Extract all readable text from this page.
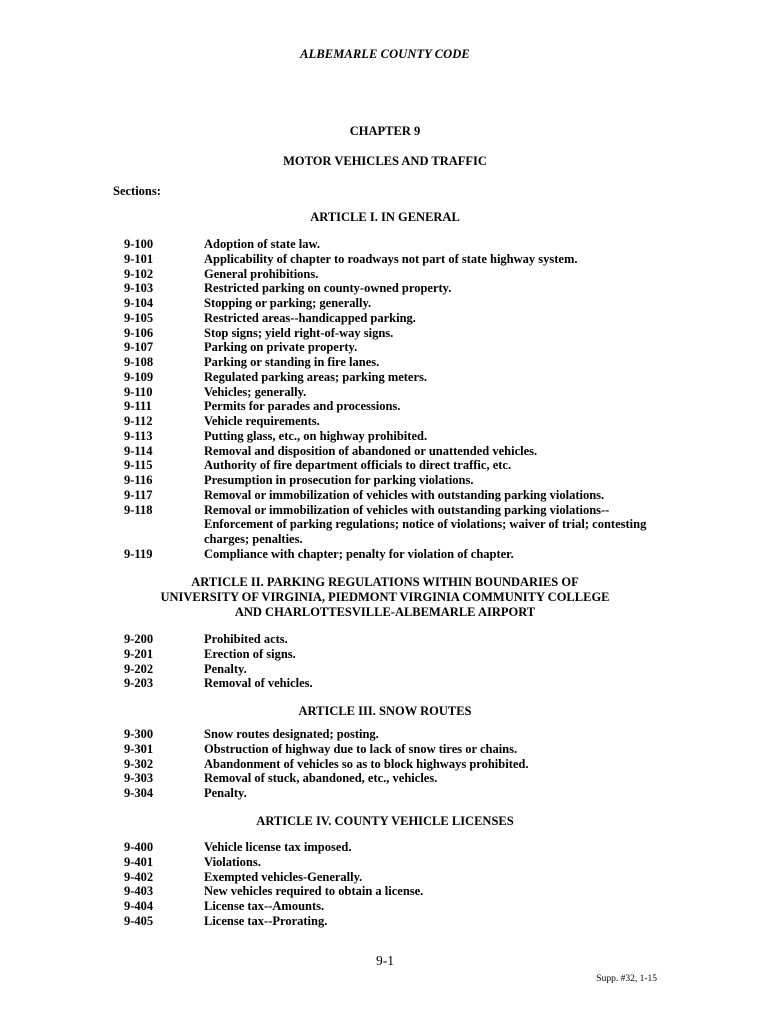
ALBEMARLE COUNTY CODE
CHAPTER 9
MOTOR VEHICLES AND TRAFFIC
Sections:
ARTICLE I. IN GENERAL
9-100	Adoption of state law.
9-101	Applicability of chapter to roadways not part of state highway system.
9-102	General prohibitions.
9-103	Restricted parking on county-owned property.
9-104	Stopping or parking; generally.
9-105	Restricted areas--handicapped parking.
9-106	Stop signs; yield right-of-way signs.
9-107	Parking on private property.
9-108	Parking or standing in fire lanes.
9-109	Regulated parking areas; parking meters.
9-110	Vehicles; generally.
9-111	Permits for parades and processions.
9-112	Vehicle requirements.
9-113	Putting glass, etc., on highway prohibited.
9-114	Removal and disposition of abandoned or unattended vehicles.
9-115	Authority of fire department officials to direct traffic, etc.
9-116	Presumption in prosecution for parking violations.
9-117	Removal or immobilization of vehicles with outstanding parking violations.
9-118	Removal or immobilization of vehicles with outstanding parking violations--
Enforcement of parking regulations; notice of violations; waiver of trial; contesting
charges; penalties.
9-119	Compliance with chapter; penalty for violation of chapter.
ARTICLE II. PARKING REGULATIONS WITHIN BOUNDARIES OF
UNIVERSITY OF VIRGINIA, PIEDMONT VIRGINIA COMMUNITY COLLEGE
AND CHARLOTTESVILLE-ALBEMARLE AIRPORT
9-200	Prohibited acts.
9-201	Erection of signs.
9-202	Penalty.
9-203	Removal of vehicles.
ARTICLE III. SNOW ROUTES
9-300	Snow routes designated; posting.
9-301	Obstruction of highway due to lack of snow tires or chains.
9-302	Abandonment of vehicles so as to block highways prohibited.
9-303	Removal of stuck, abandoned, etc., vehicles.
9-304	Penalty.
ARTICLE IV. COUNTY VEHICLE LICENSES
9-400	Vehicle license tax imposed.
9-401	Violations.
9-402	Exempted vehicles-Generally.
9-403	New vehicles required to obtain a license.
9-404	License tax--Amounts.
9-405	License tax--Prorating.
9-1
Supp. #32, 1-15
